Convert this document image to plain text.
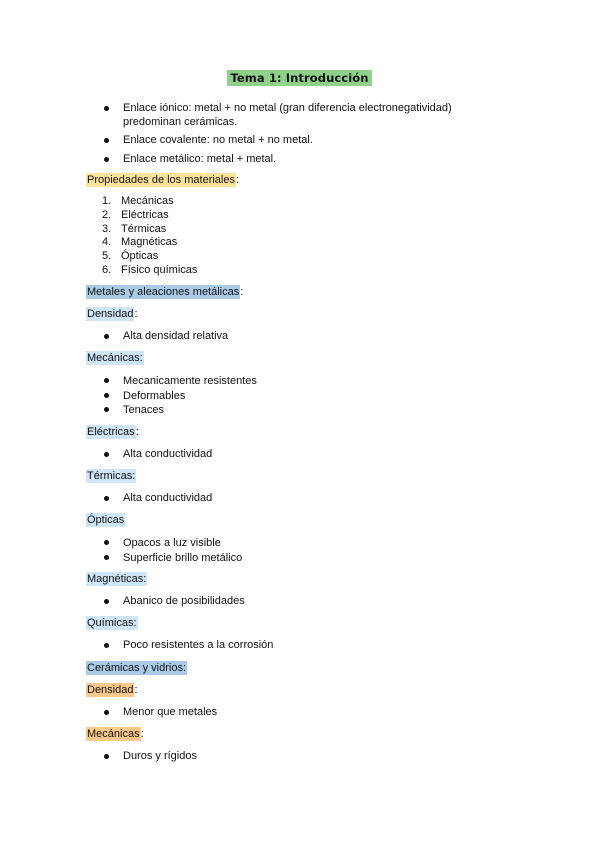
Tema 1: Introducción
Enlace iónico: metal + no metal (gran diferencia electronegatividad) predominan cerámicas.
Enlace covalente: no metal + no metal.
Enlace metálico: metal + metal.
Propiedades de los materiales:
1. Mecánicas
2. Eléctricas
3. Térmicas
4. Magnéticas
5. Ópticas
6. Físico químicas
Metales y aleaciones metálicas:
Densidad:
Alta densidad relativa
Mecánicas:
Mecanicamente resistentes
Deformables
Tenaces
Eléctricas:
Alta conductividad
Térmicas:
Alta conductividad
Ópticas
Opacos a luz visible
Superficie brillo metálico
Magnéticas:
Abanico de posibilidades
Químicas:
Poco resistentes a la corrosión
Cerámicas y vidrios:
Densidad:
Menor que metales
Mecánicas:
Duros y rígidos
